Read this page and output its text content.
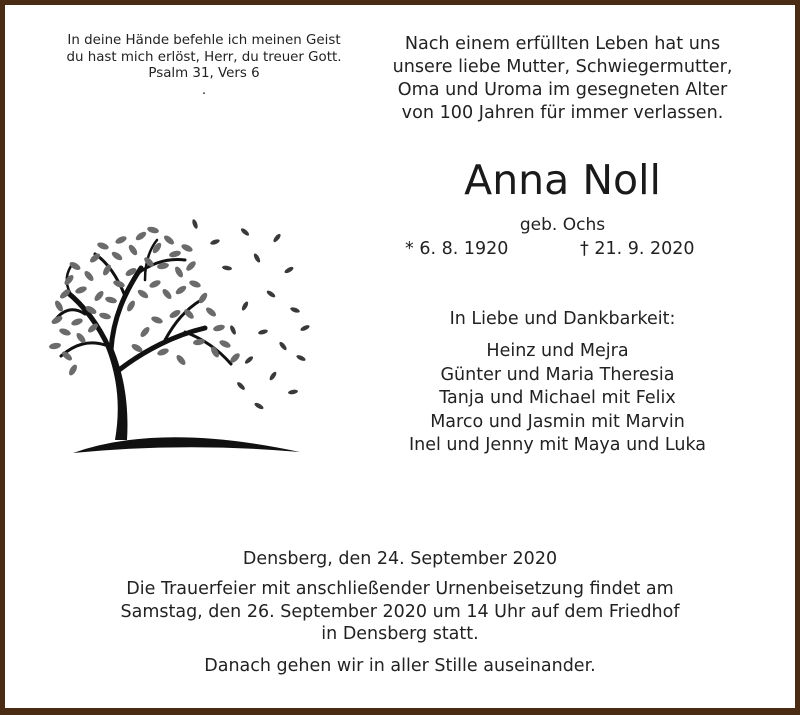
In deine Hände befehle ich meinen Geist
du hast mich erlöst, Herr, du treuer Gott.
Psalm 31, Vers 6
.
Nach einem erfüllten Leben hat uns
unsere liebe Mutter, Schwiegermutter,
Oma und Uroma im gesegneten Alter
von 100 Jahren für immer verlassen.
Anna Noll
geb. Ochs
* 6. 8. 1920	† 21. 9. 2020
In Liebe und Dankbarkeit:
Heinz und Mejra
Günter und Maria Theresia
Tanja und Michael mit Felix
Marco und Jasmin mit Marvin
Inel und Jenny mit Maya und Luka
Densberg, den 24. September 2020
Die Trauerfeier mit anschließender Urnenbeisetzung findet am
Samstag, den 26. September 2020 um 14 Uhr auf dem Friedhof
in Densberg statt.
Danach gehen wir in aller Stille auseinander.
